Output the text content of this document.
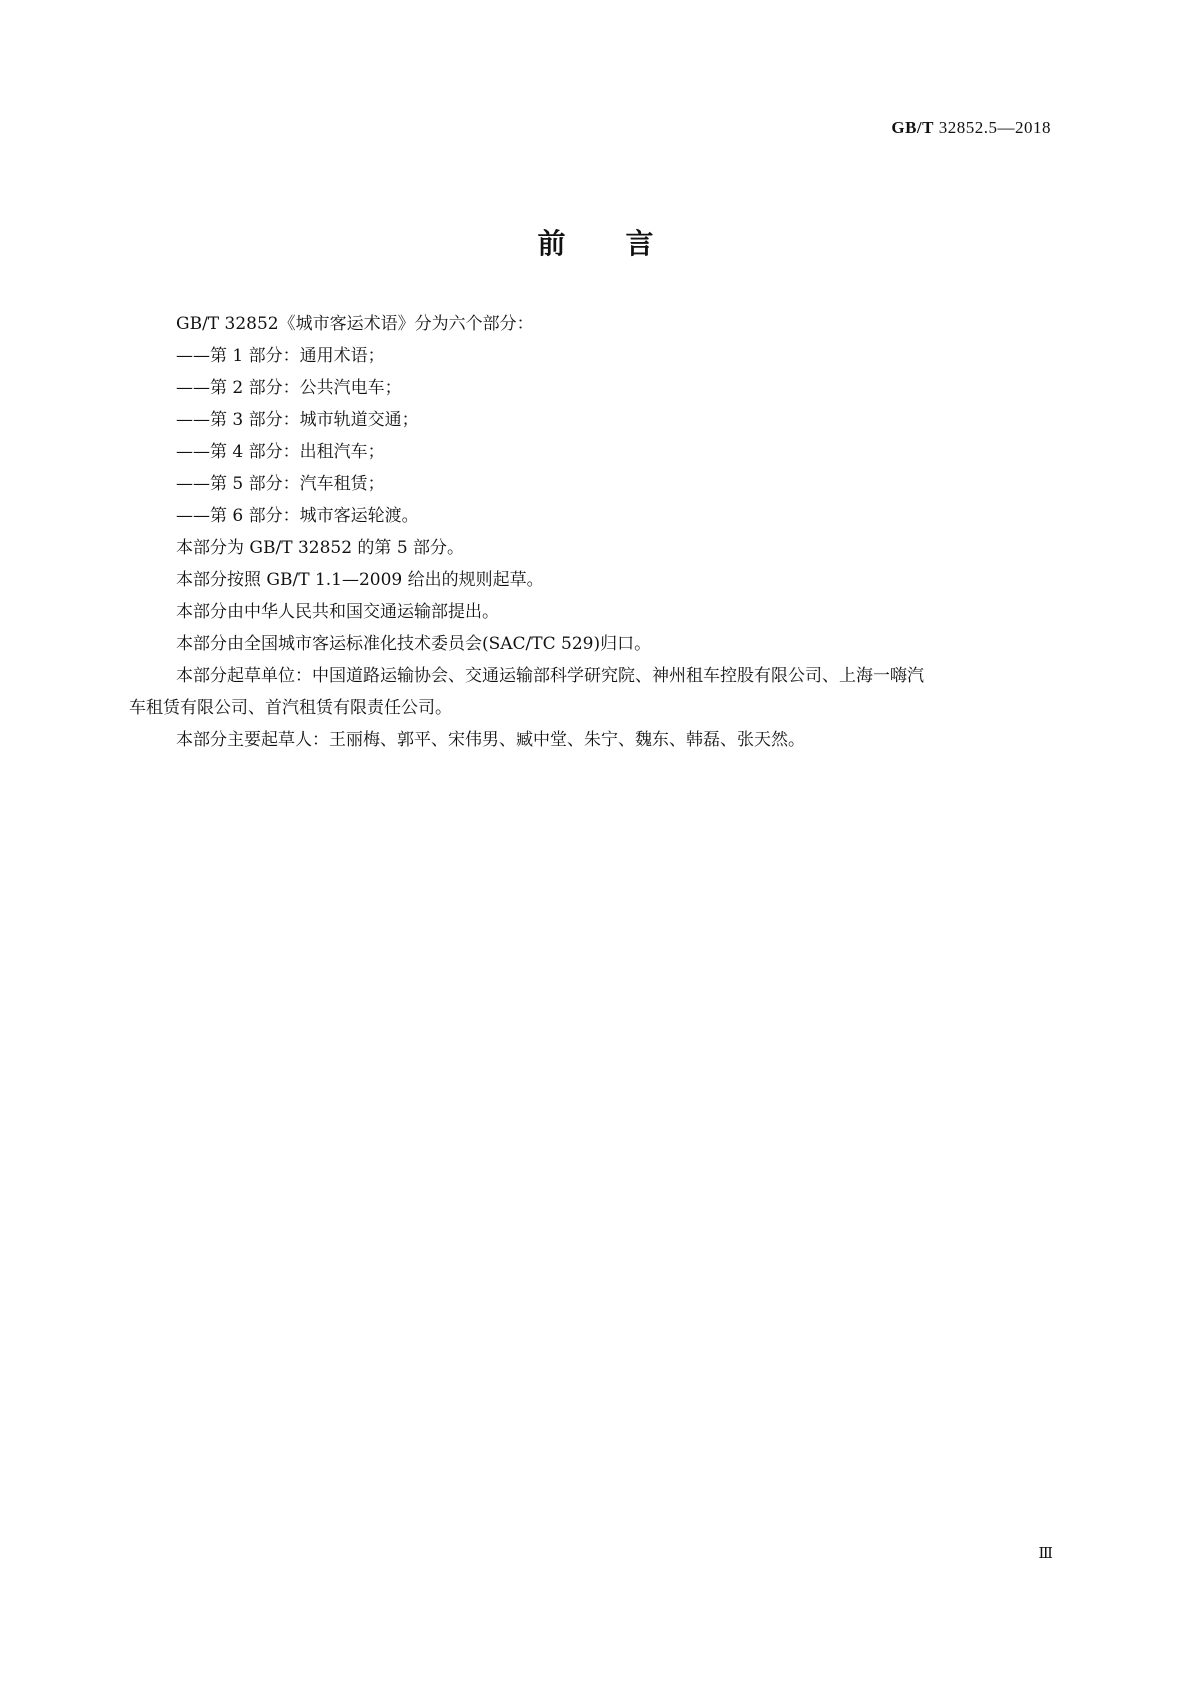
GB/T 32852.5—2018
前言

GB/T 32852《城市客运术语》分为六个部分：

——第 1 部分：通用术语；

——第 2 部分：公共汽电车；

——第 3 部分：城市轨道交通；

——第 4 部分：出租汽车；

——第 5 部分：汽车租赁；

——第 6 部分：城市客运轮渡。

本部分为 GB/T 32852 的第 5 部分。

本部分按照 GB/T 1.1—2009 给出的规则起草。

本部分由中华人民共和国交通运输部提出。

本部分由全国城市客运标准化技术委员会(SAC/TC 529)归口。

本部分起草单位：中国道路运输协会、交通运输部科学研究院、神州租车控股有限公司、上海一嗨汽
车租赁有限公司、首汽租赁有限责任公司。

本部分主要起草人：王丽梅、郭平、宋伟男、臧中堂、朱宁、魏东、韩磊、张天然。

Ⅲ
